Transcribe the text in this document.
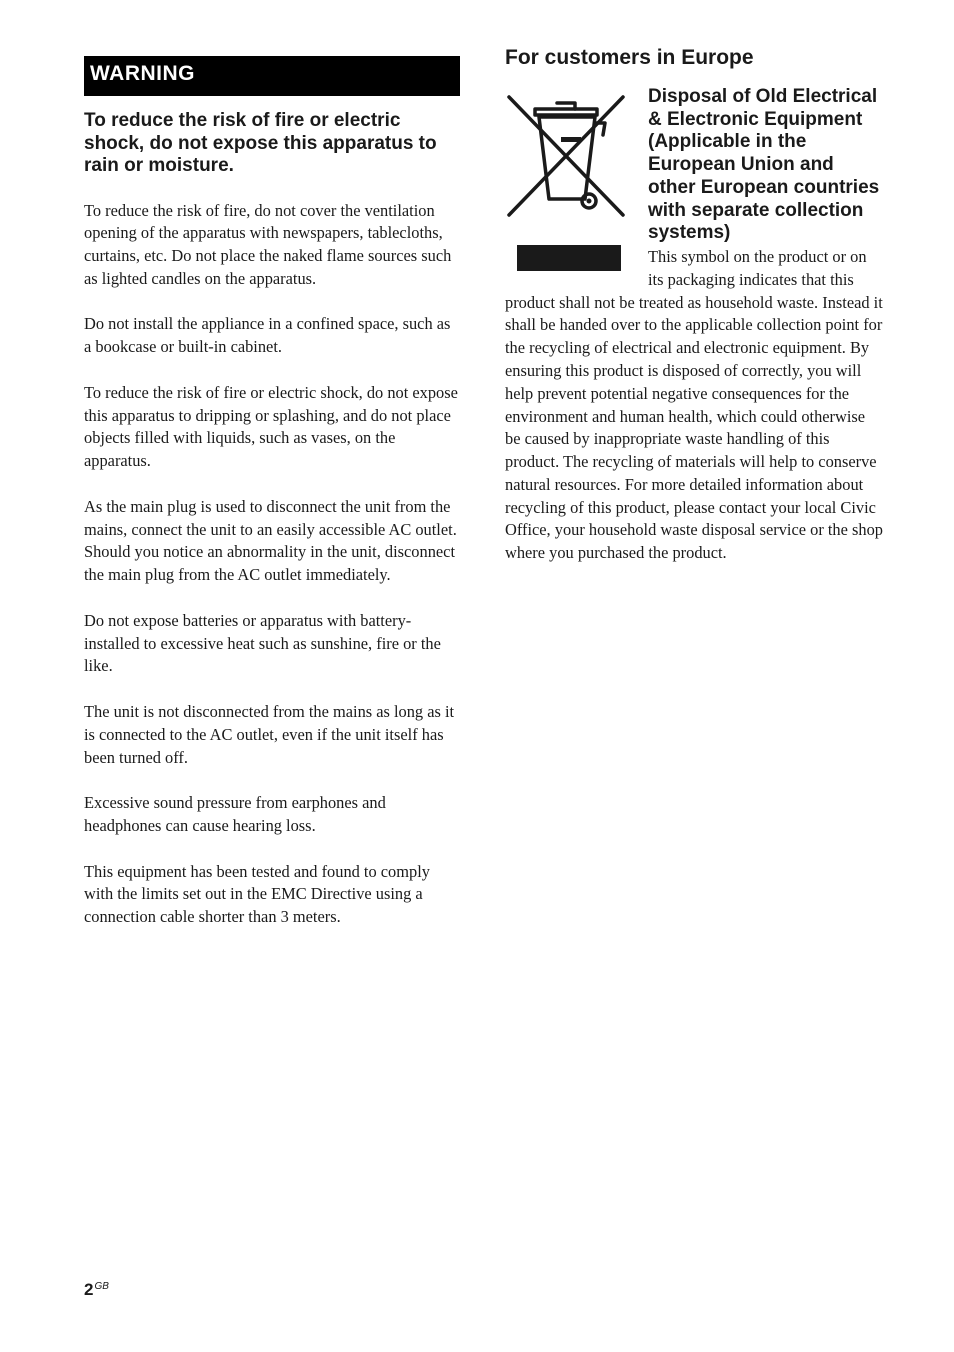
WARNING

To reduce the risk of fire or electric shock, do not expose this apparatus to rain or moisture.

To reduce the risk of fire, do not cover the ventilation opening of the apparatus with newspapers, tablecloths, curtains, etc. Do not place the naked flame sources such as lighted candles on the apparatus.

Do not install the appliance in a confined space, such as a bookcase or built-in cabinet.

To reduce the risk of fire or electric shock, do not expose this apparatus to dripping or splashing, and do not place objects filled with liquids, such as vases, on the apparatus.

As the main plug is used to disconnect the unit from the mains, connect the unit to an easily accessible AC outlet. Should you notice an abnormality in the unit, disconnect the main plug from the AC outlet immediately.

Do not expose batteries or apparatus with battery-installed to excessive heat such as sunshine, fire or the like.

The unit is not disconnected from the mains as long as it is connected to the AC outlet, even if the unit itself has been turned off.

Excessive sound pressure from earphones and headphones can cause hearing loss.

This equipment has been tested and found to comply with the limits set out in the EMC Directive using a connection cable shorter than 3 meters.

For customers in Europe

Disposal of Old Electrical & Electronic Equipment (Applicable in the European Union and other European countries with separate collection systems)

This symbol on the product or on its packaging indicates that this product shall not be treated as household waste. Instead it shall be handed over to the applicable collection point for the recycling of electrical and electronic equipment. By ensuring this product is disposed of correctly, you will help prevent potential negative consequences for the environment and human health, which could otherwise be caused by inappropriate waste handling of this product. The recycling of materials will help to conserve natural resources. For more detailed information about recycling of this product, please contact your local Civic Office, your household waste disposal service or the shop where you purchased the product.

$2^{GB}$
